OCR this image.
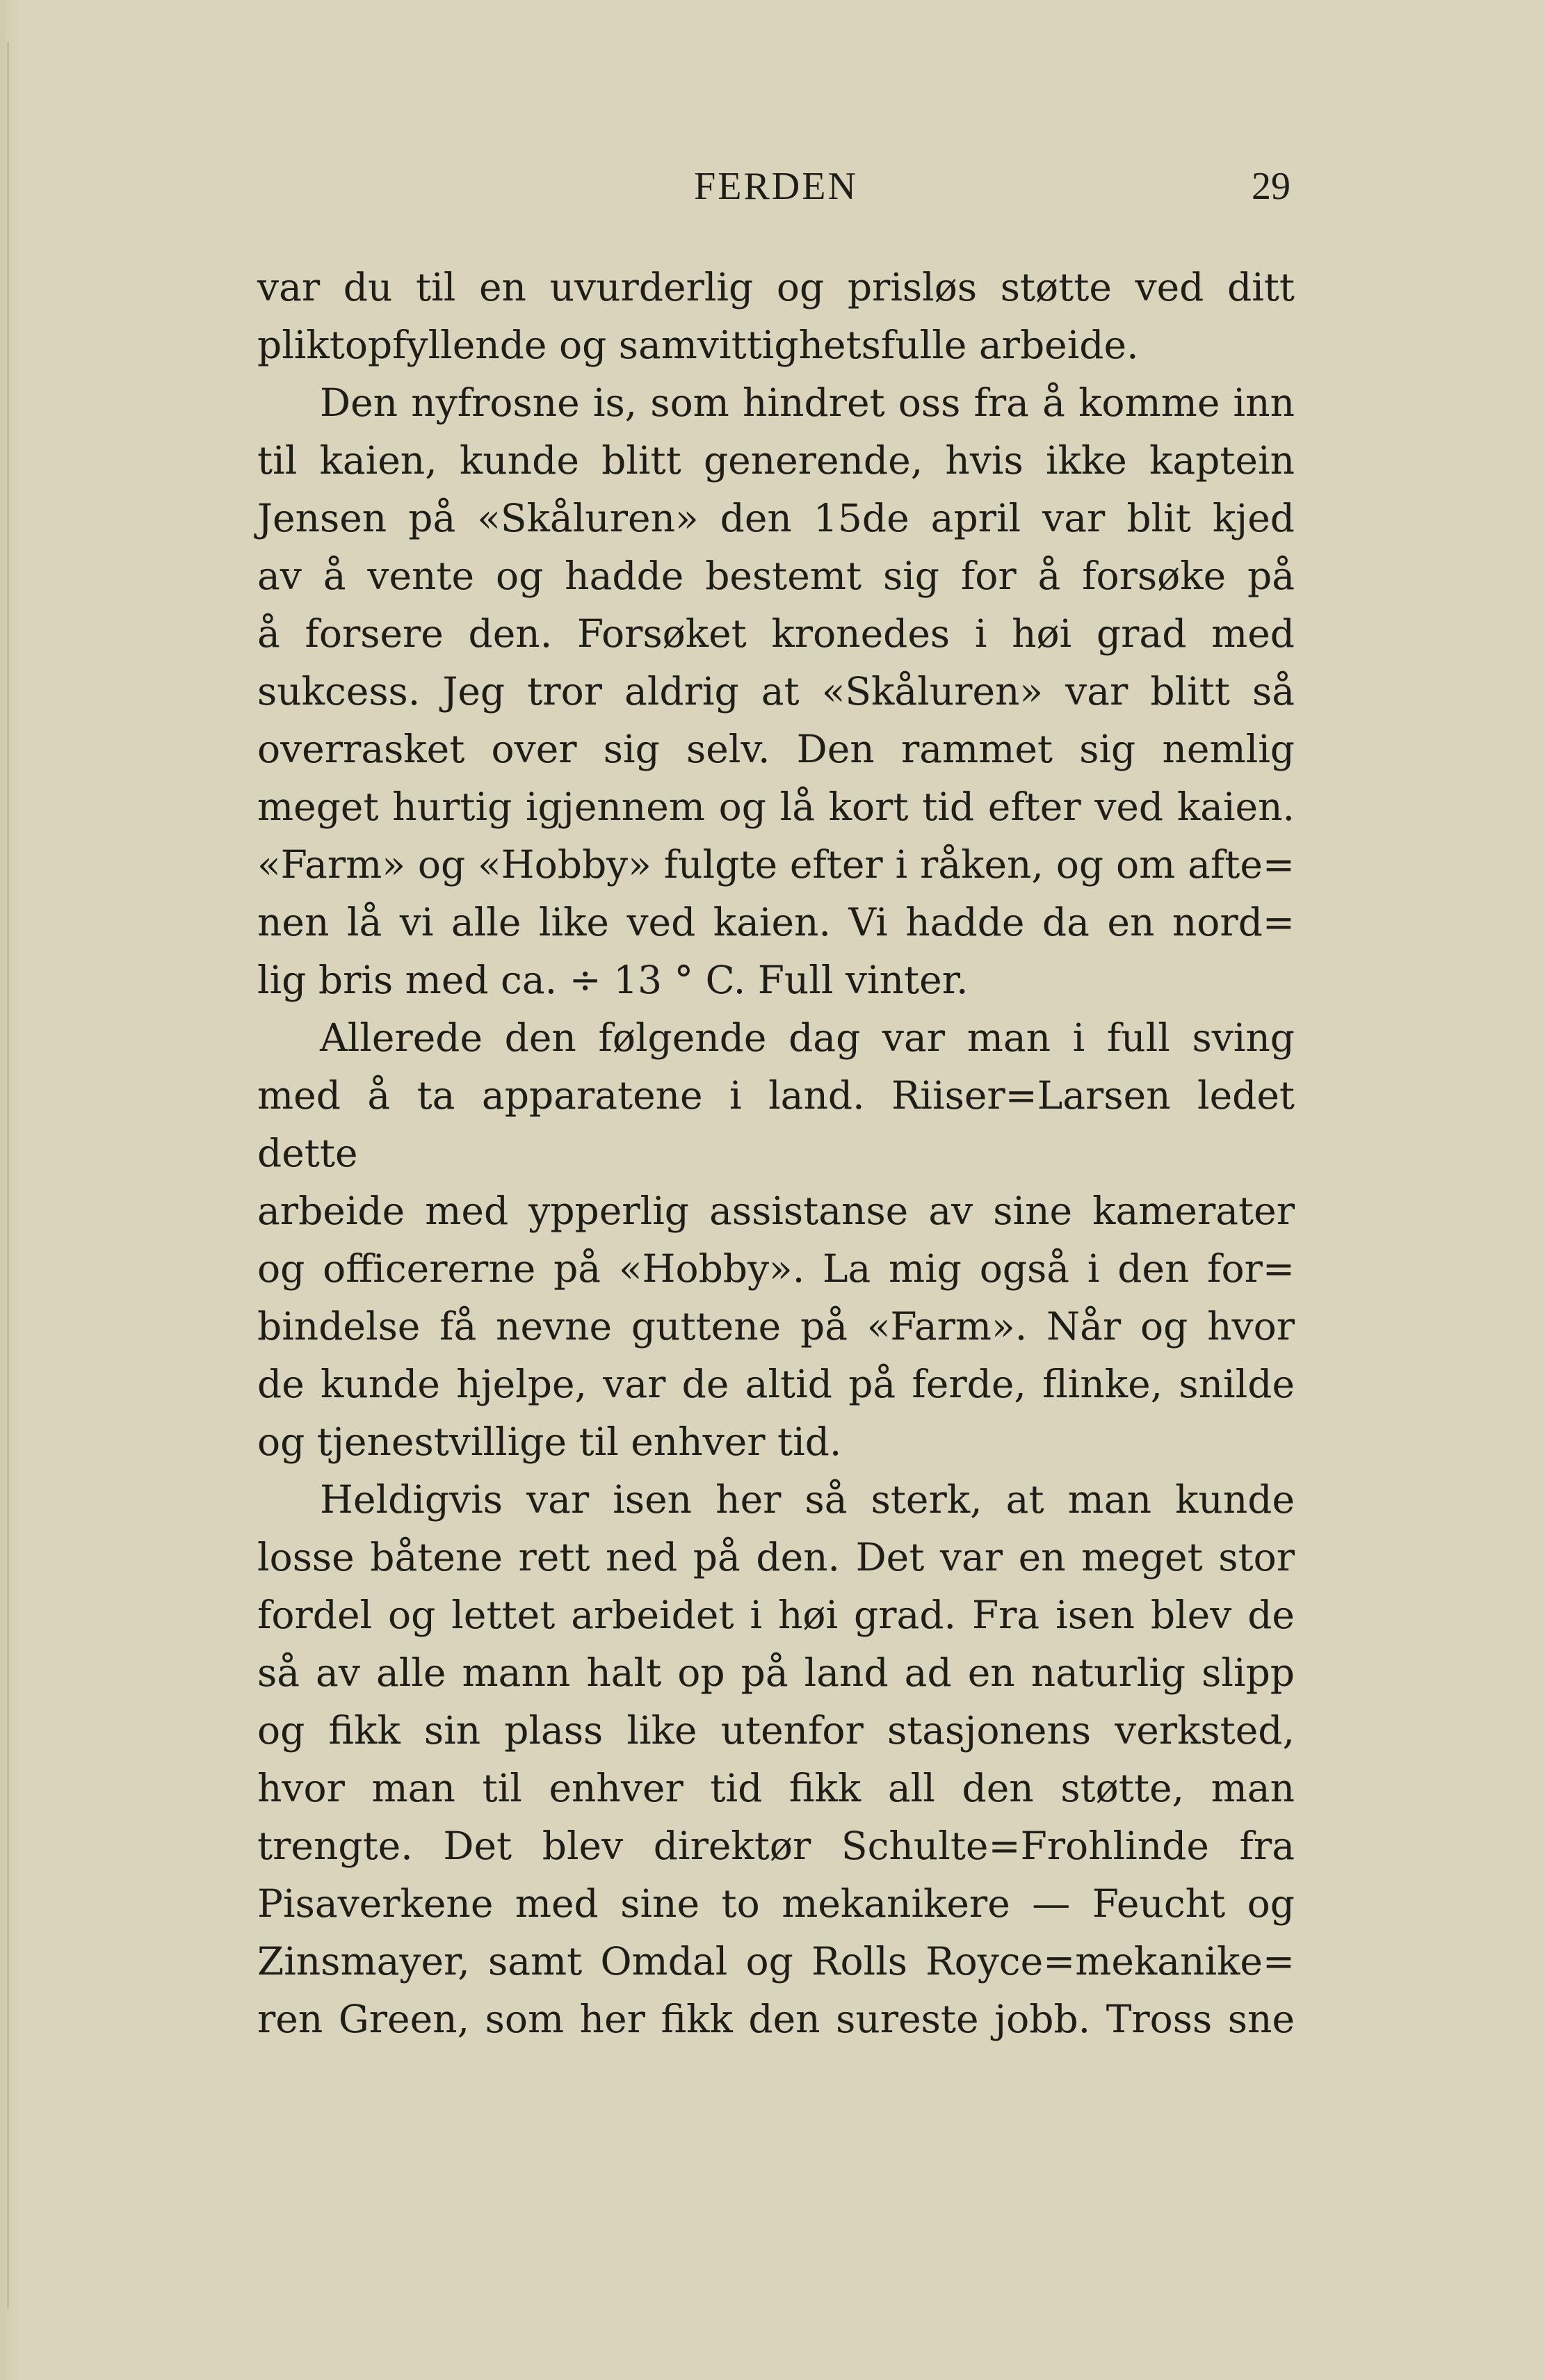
FERDEN	29

var du til en uvurderlig og prisløs støtte ved ditt

pliktopfyllende og samvittighetsfulle arbeide.

Den nyfrosne is, som hindret oss fra å komme inn

til kaien, kunde blitt generende, hvis ikke kaptein

Jensen på «Skåluren» den 15de april var blit kjed

av å vente og hadde bestemt sig for å forsøke på

å forsere den. Forsøket kronedes i høi grad med

sukcess. Jeg tror aldrig at «Skåluren» var blitt så

overrasket over sig selv. Den rammet sig nemlig

meget hurtig igjennem og lå kort tid efter ved kaien.

«Farm» og «Hobby» fulgte efter i råken, og om afte=

nen lå vi alle like ved kaien. Vi hadde da en nord=

lig bris med ca. ÷ 13 ° C. Full vinter.

Allerede den følgende dag var man i full sving

med å ta apparatene i land. Riiser=Larsen ledet dette

arbeide med ypperlig assistanse av sine kamerater

og officererne på «Hobby». La mig også i den for=

bindelse få nevne guttene på «Farm». Når og hvor

de kunde hjelpe, var de altid på ferde, flinke, snilde

og tjenestvillige til enhver tid.

Heldigvis var isen her så sterk, at man kunde

losse båtene rett ned på den. Det var en meget stor

fordel og lettet arbeidet i høi grad. Fra isen blev de

så av alle mann halt op på land ad en naturlig slipp

og fikk sin plass like utenfor stasjonens verksted,

hvor man til enhver tid fikk all den støtte, man

trengte. Det blev direktør Schulte=Frohlinde fra

Pisaverkene med sine to mekanikere — Feucht og

Zinsmayer, samt Omdal og Rolls Royce=mekanike=

ren Green, som her fikk den sureste jobb. Tross sne
